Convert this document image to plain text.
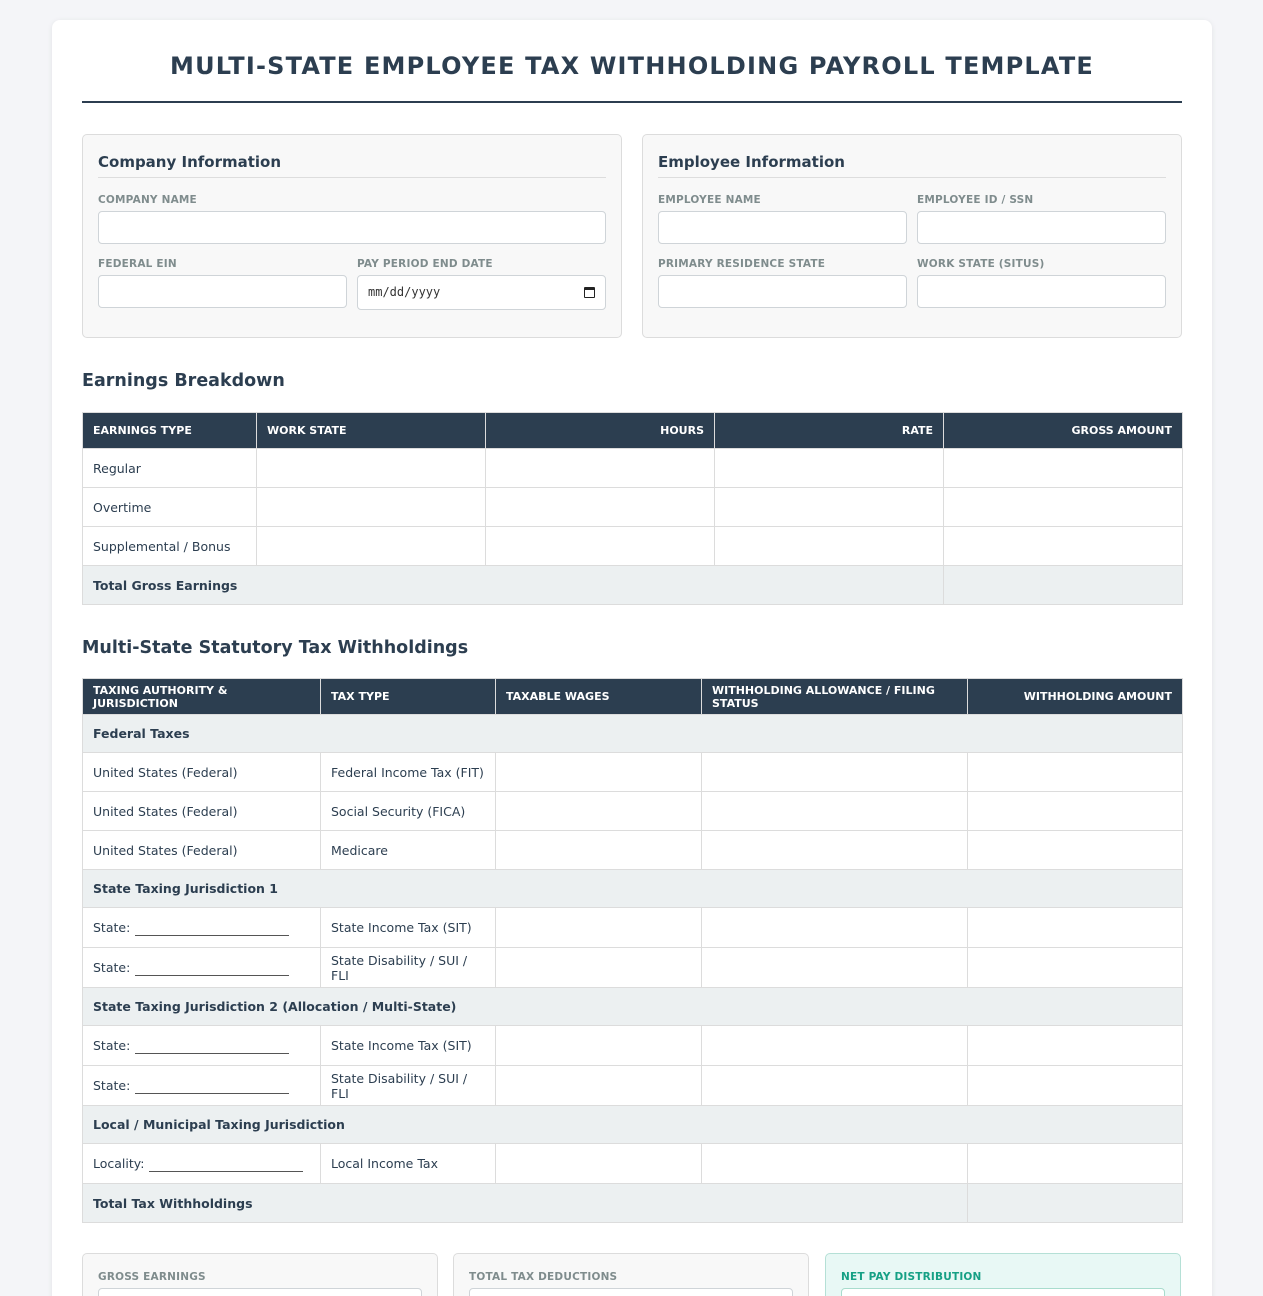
MULTI-STATE EMPLOYEE TAX WITHHOLDING PAYROLL TEMPLATE
Company Information
COMPANY NAME
FEDERAL EIN	PAY PERIOD END DATE
mm/dd/yyyy
Employee Information
EMPLOYEE NAME	EMPLOYEE ID / SSN
PRIMARY RESIDENCE STATE	WORK STATE (SITUS)
Earnings Breakdown
EARNINGS TYPE	WORK STATE	HOURS	RATE	GROSS AMOUNT
Regular				
Overtime				
Supplemental / Bonus				
Total Gross Earnings				
Multi-State Statutory Tax Withholdings
TAXING AUTHORITY & JURISDICTION	TAX TYPE	TAXABLE WAGES	WITHHOLDING ALLOWANCE / FILING STATUS	WITHHOLDING AMOUNT
Federal Taxes				
United States (Federal)	Federal Income Tax (FIT)			
United States (Federal)	Social Security (FICA)			
United States (Federal)	Medicare			
State Taxing Jurisdiction 1				
State:	State Income Tax (SIT)			
State:	State Disability / SUI / FLI			
State Taxing Jurisdiction 2 (Allocation / Multi-State)				
State:	State Income Tax (SIT)			
State:	State Disability / SUI / FLI			
Local / Municipal Taxing Jurisdiction				
Locality:	Local Income Tax			
Total Tax Withholdings				
GROSS EARNINGS	TOTAL TAX DEDUCTIONS	NET PAY DISTRIBUTION
